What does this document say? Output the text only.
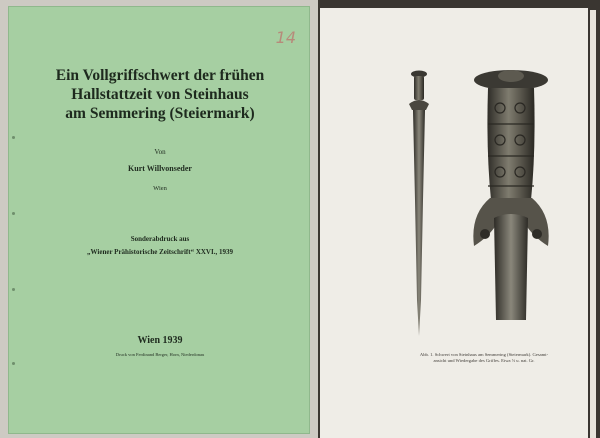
14
Ein Vollgriffschwert der frühen
Hallstattzeit von Steinhaus
am Semmering (Steiermark)
Von
Kurt Willvonseder
Wien
Sonderabdruck aus
„Wiener Prähistorische Zeitschrift“ XXVI., 1939
Wien 1939
Druck von Ferdinand Berger, Horn, Niederdonau	Abb. 1. Schwert von Steinhaus am Semmering (Steiermark). Gesamt-
ansicht und Wiedergabe des Griffes. Etwa ⅓ u. nat. Gr.
